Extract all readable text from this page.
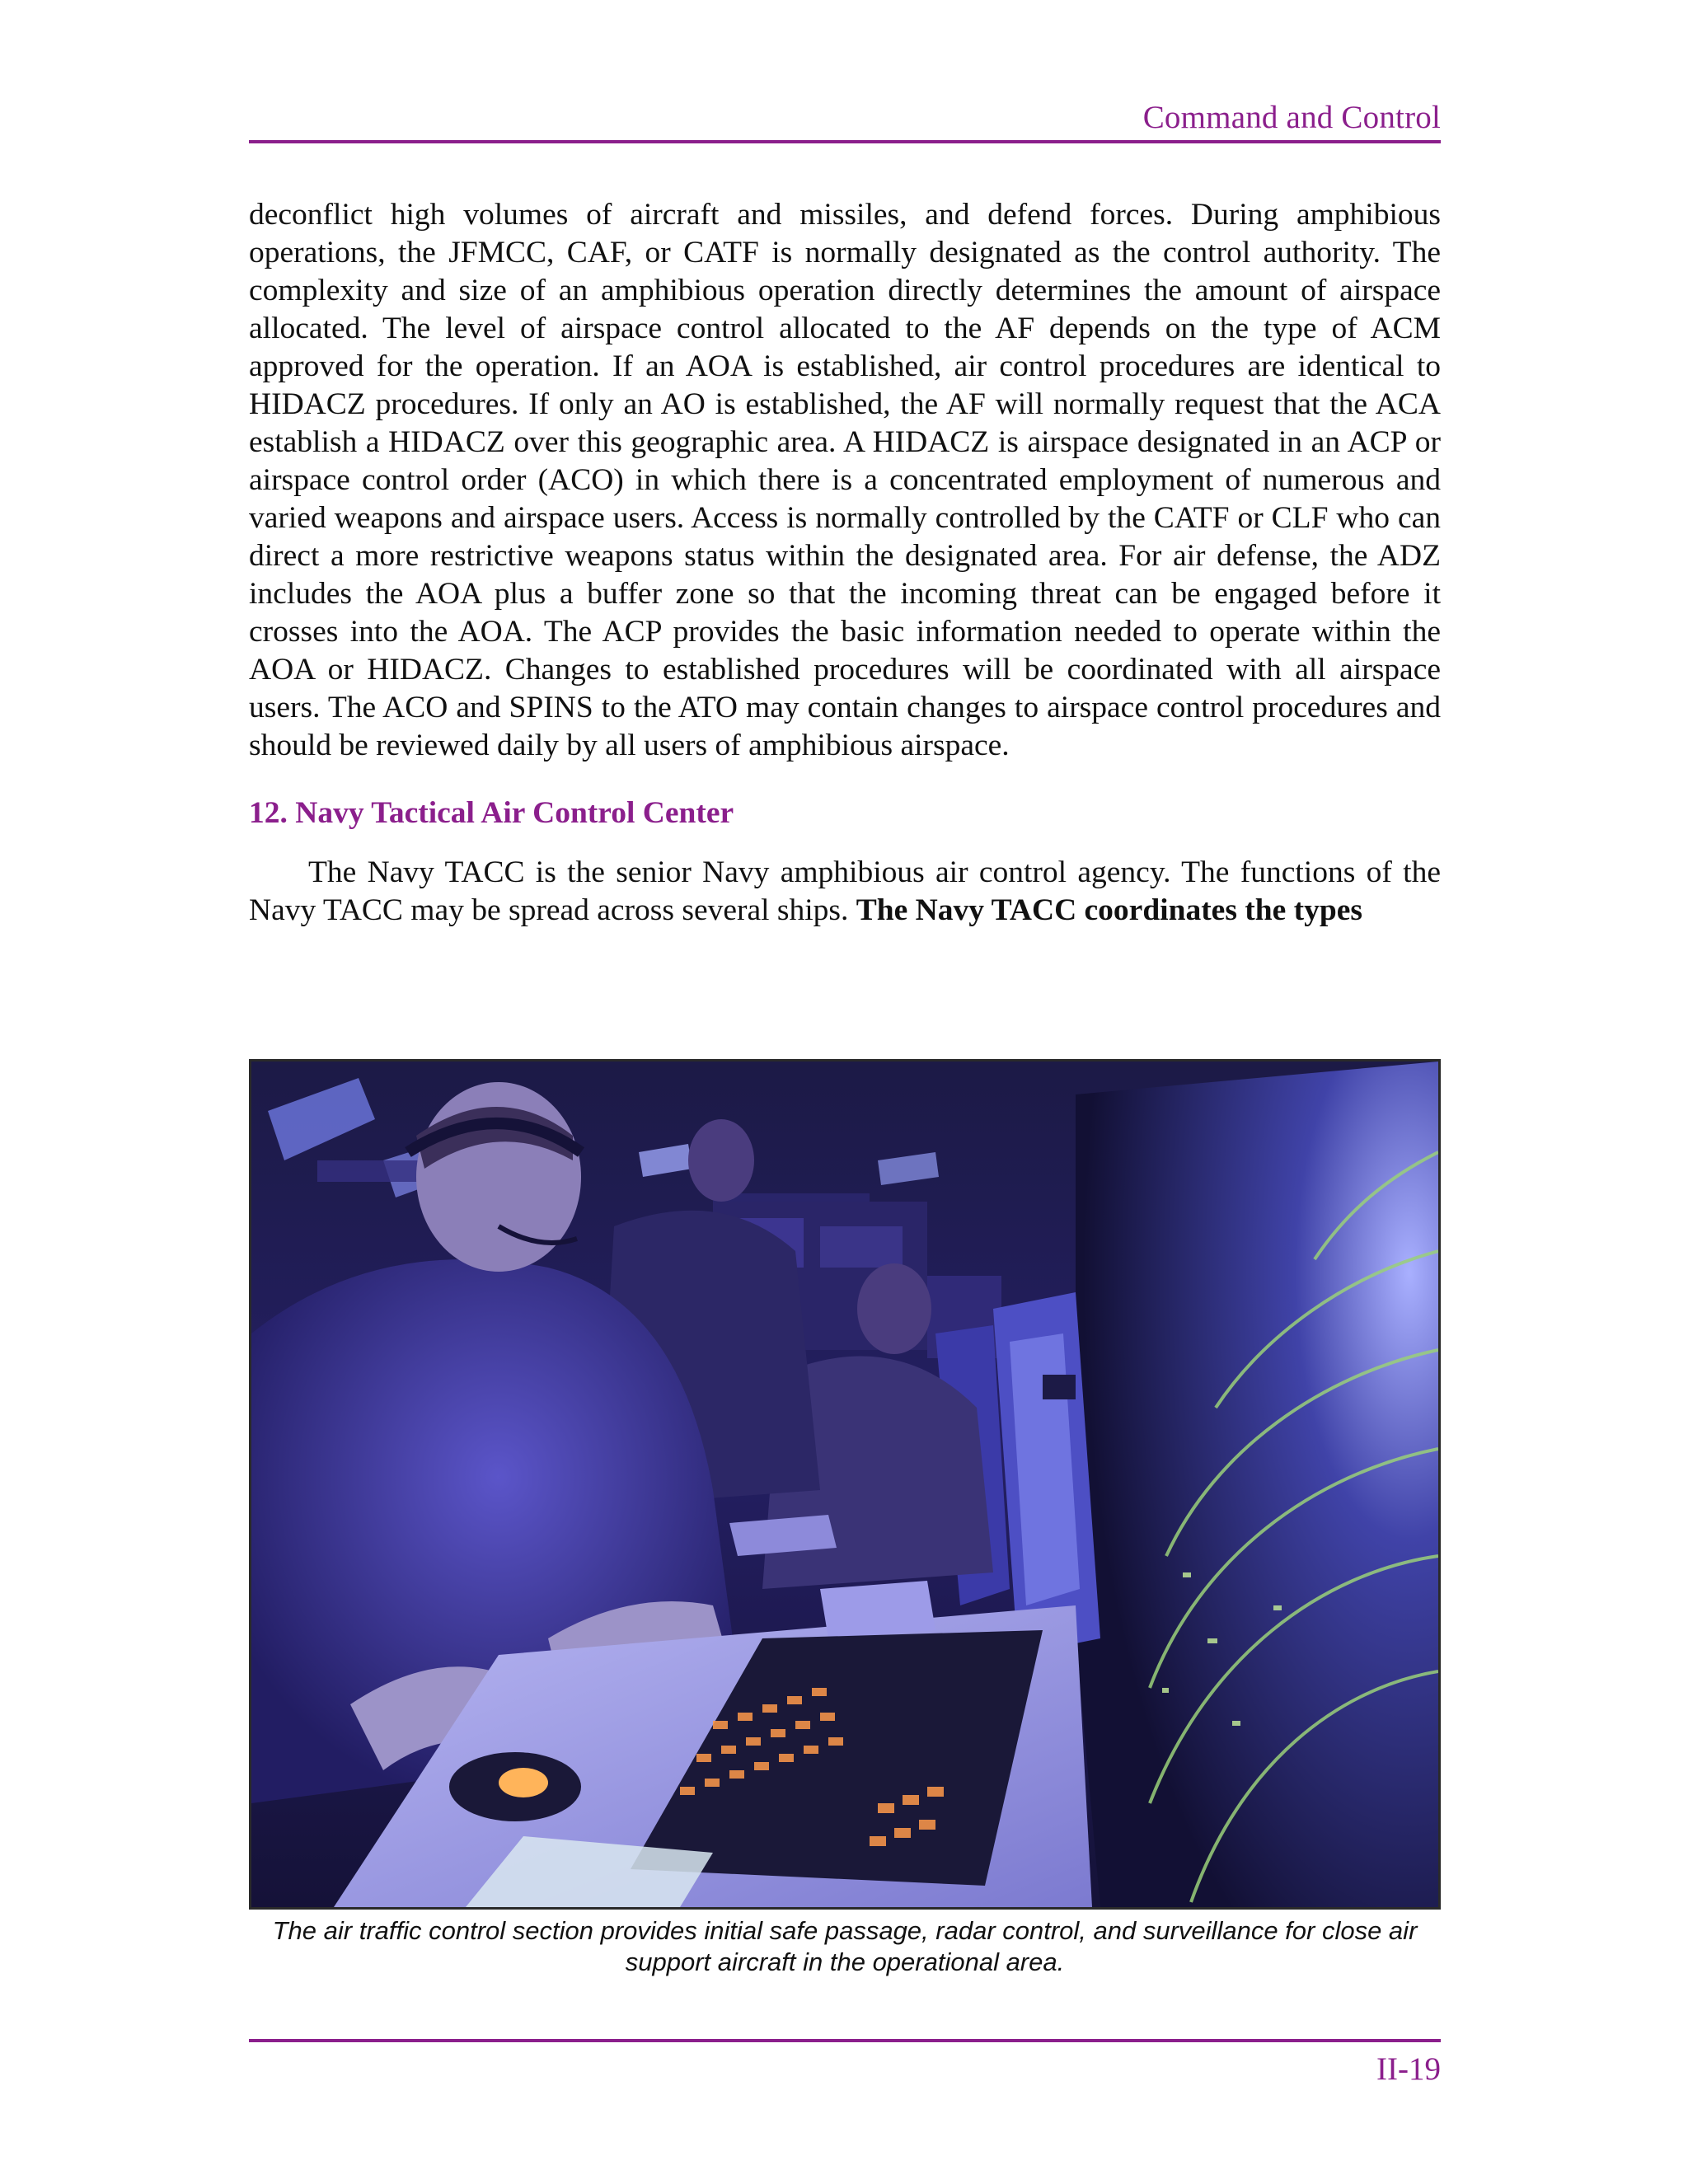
Command and Control

deconflict high volumes of aircraft and missiles, and defend forces. During amphibious operations, the JFMCC, CAF, or CATF is normally designated as the control authority. The complexity and size of an amphibious operation directly determines the amount of airspace allocated. The level of airspace control allocated to the AF depends on the type of ACM approved for the operation. If an AOA is established, air control procedures are identical to HIDACZ procedures. If only an AO is established, the AF will normally request that the ACA establish a HIDACZ over this geographic area. A HIDACZ is airspace designated in an ACP or airspace control order (ACO) in which there is a concentrated employment of numerous and varied weapons and airspace users. Access is normally controlled by the CATF or CLF who can direct a more restrictive weapons status within the designated area. For air defense, the ADZ includes the AOA plus a buffer zone so that the incoming threat can be engaged before it crosses into the AOA. The ACP provides the basic information needed to operate within the AOA or HIDACZ. Changes to established procedures will be coordinated with all airspace users. The ACO and SPINS to the ATO may contain changes to airspace control procedures and should be reviewed daily by all users of amphibious airspace.

12. Navy Tactical Air Control Center

The Navy TACC is the senior Navy amphibious air control agency. The functions of the Navy TACC may be spread across several ships. The Navy TACC coordinates the types

The air traffic control section provides initial safe passage, radar control, and surveillance for close air support aircraft in the operational area.
II-19
